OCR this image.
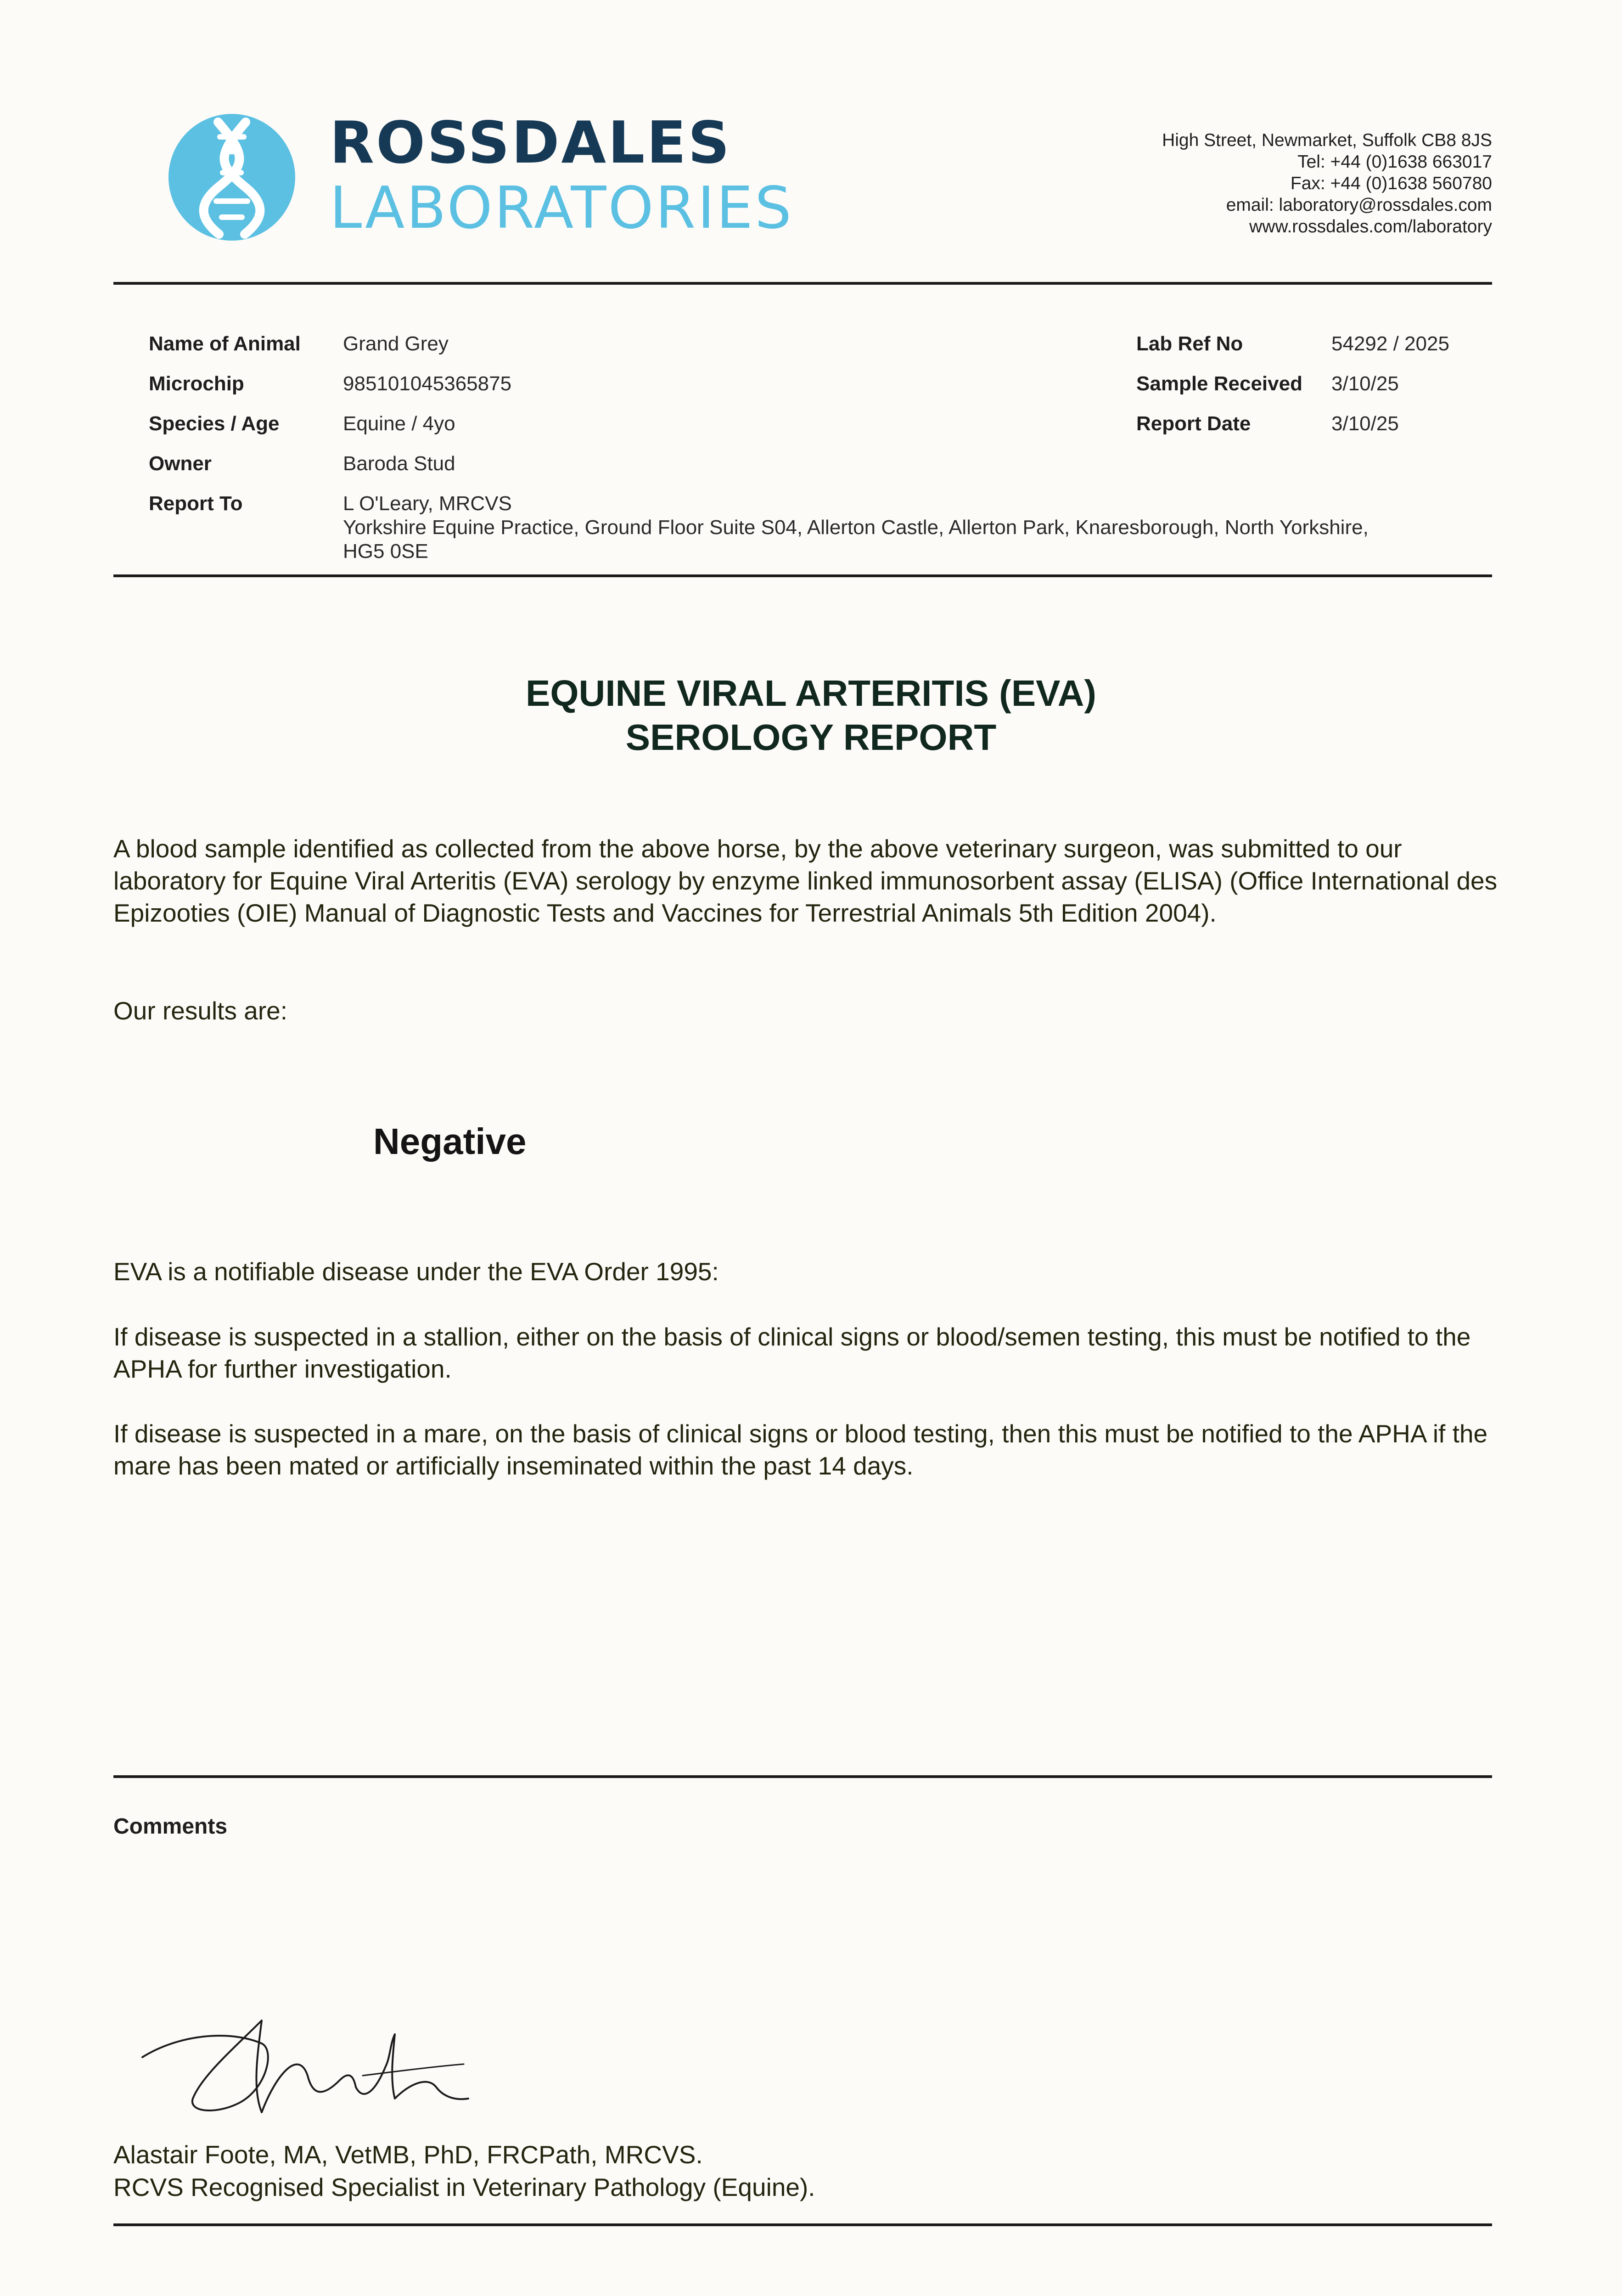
ROSSDALES
LABORATORIES
High Street, Newmarket, Suffolk CB8 8JS
Tel: +44 (0)1638 663017
Fax: +44 (0)1638 560780
email: laboratory@rossdales.com
www.rossdales.com/laboratory
Name of Animal Grand Grey
Microchip	985101045365875
Species / Age	Equine / 4yo
Owner	Baroda Stud
Report To	L O'Leary, MRCVS
Yorkshire Equine Practice, Ground Floor Suite S04, Allerton Castle, Allerton Park, Knaresborough, North Yorkshire,
HG5 0SE
Lab Ref No	54292 / 2025
Sample Received 3/10/25
Report Date	3/10/25
EQUINE VIRAL ARTERITIS (EVA)
SEROLOGY REPORT
A blood sample identified as collected from the above horse, by the above veterinary surgeon, was submitted to our laboratory for Equine Viral Arteritis (EVA) serology by enzyme linked immunosorbent assay (ELISA) (Office International des Epizooties (OIE) Manual of Diagnostic Tests and Vaccines for Terrestrial Animals 5th Edition 2004).
Our results are:
Negative
EVA is a notifiable disease under the EVA Order 1995:
If disease is suspected in a stallion, either on the basis of clinical signs or blood/semen testing, this must be notified to the APHA for further investigation.
If disease is suspected in a mare, on the basis of clinical signs or blood testing, then this must be notified to the APHA if the mare has been mated or artificially inseminated within the past 14 days.
Comments
Alastair Foote, MA, VetMB, PhD, FRCPath, MRCVS.
RCVS Recognised Specialist in Veterinary Pathology (Equine).
